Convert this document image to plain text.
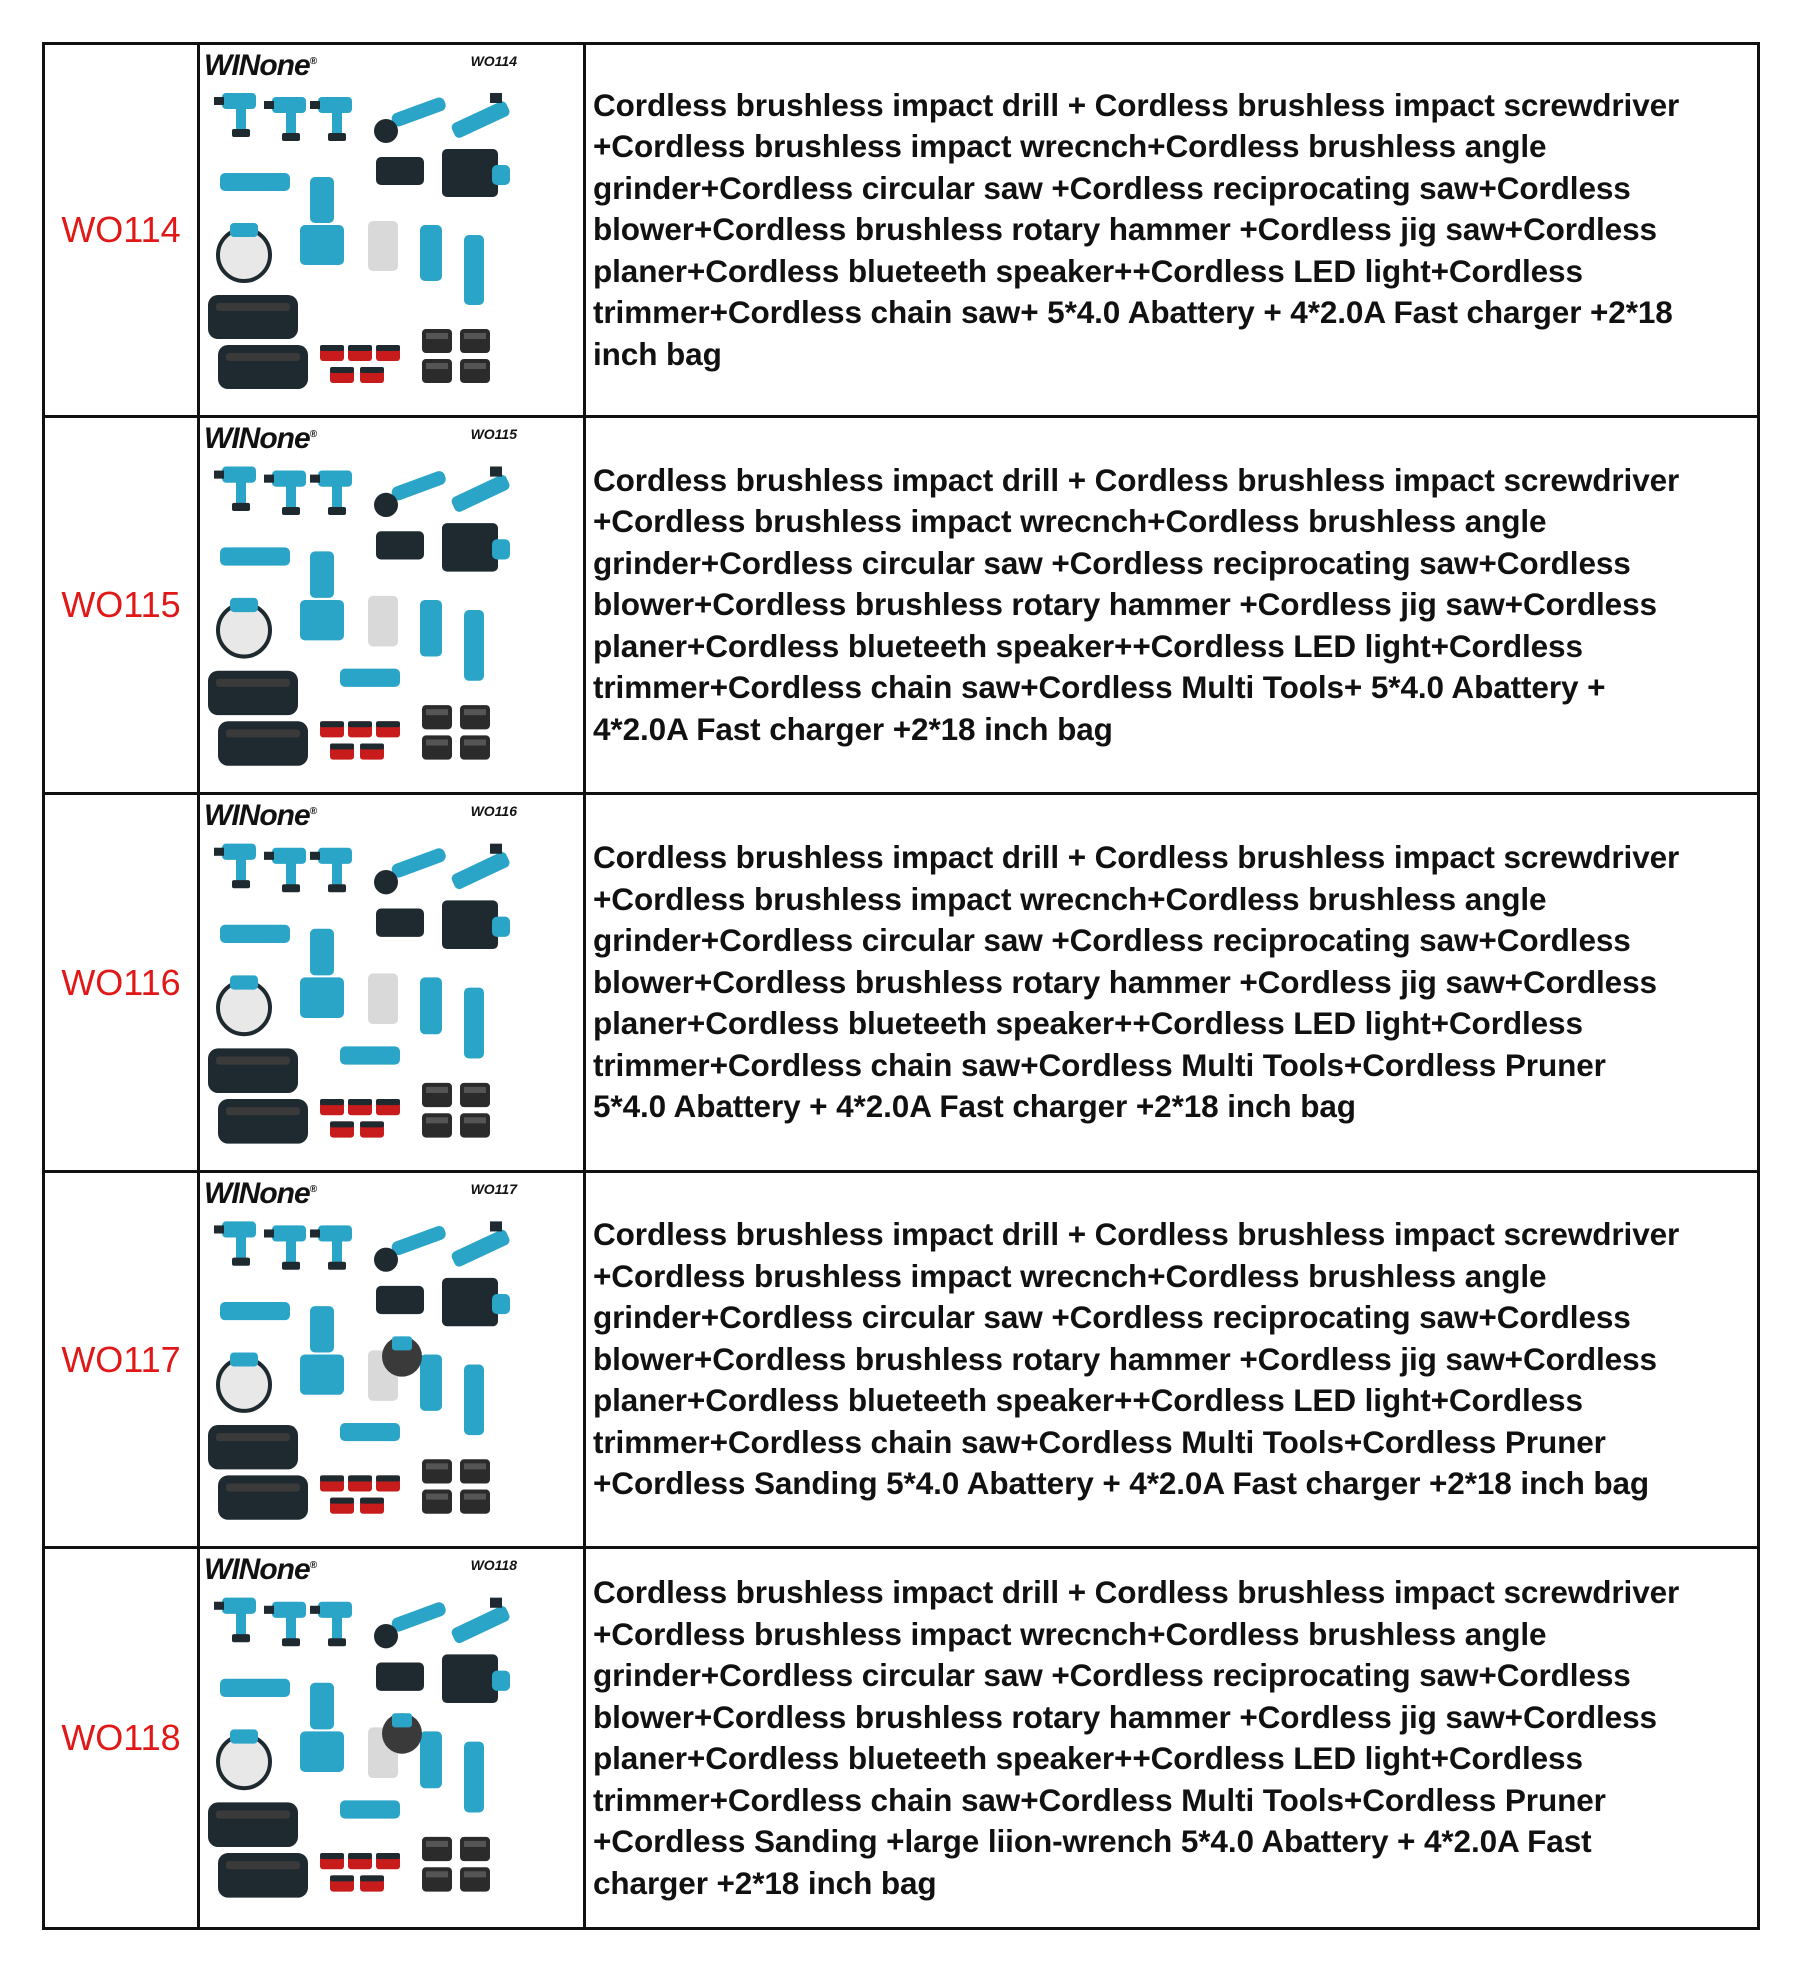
WO114
WINone®	WO114
Cordless brushless impact drill + Cordless brushless impact screwdriver
+Cordless brushless impact wrecnch+Cordless brushless angle
grinder+Cordless circular saw +Cordless reciprocating saw+Cordless
blower+Cordless brushless rotary hammer +Cordless jig saw+Cordless
planer+Cordless blueteeth speaker++Cordless LED light+Cordless
trimmer+Cordless chain saw+ 5*4.0 Abattery + 4*2.0A Fast charger +2*18
inch bag
WO115
WINone®	WO115
Cordless brushless impact drill + Cordless brushless impact screwdriver
+Cordless brushless impact wrecnch+Cordless brushless angle
grinder+Cordless circular saw +Cordless reciprocating saw+Cordless
blower+Cordless brushless rotary hammer +Cordless jig saw+Cordless
planer+Cordless blueteeth speaker++Cordless LED light+Cordless
trimmer+Cordless chain saw+Cordless Multi Tools+ 5*4.0 Abattery +
4*2.0A Fast charger +2*18 inch bag
WO116
WINone®	WO116
Cordless brushless impact drill + Cordless brushless impact screwdriver
+Cordless brushless impact wrecnch+Cordless brushless angle
grinder+Cordless circular saw +Cordless reciprocating saw+Cordless
blower+Cordless brushless rotary hammer +Cordless jig saw+Cordless
planer+Cordless blueteeth speaker++Cordless LED light+Cordless
trimmer+Cordless chain saw+Cordless Multi Tools+Cordless Pruner
5*4.0 Abattery + 4*2.0A Fast charger +2*18 inch bag
WO117
WINone®	WO117
Cordless brushless impact drill + Cordless brushless impact screwdriver
+Cordless brushless impact wrecnch+Cordless brushless angle
grinder+Cordless circular saw +Cordless reciprocating saw+Cordless
blower+Cordless brushless rotary hammer +Cordless jig saw+Cordless
planer+Cordless blueteeth speaker++Cordless LED light+Cordless
trimmer+Cordless chain saw+Cordless Multi Tools+Cordless Pruner
+Cordless Sanding 5*4.0 Abattery + 4*2.0A Fast charger +2*18 inch bag
WO118
WINone®	WO118
Cordless brushless impact drill + Cordless brushless impact screwdriver
+Cordless brushless impact wrecnch+Cordless brushless angle
grinder+Cordless circular saw +Cordless reciprocating saw+Cordless
blower+Cordless brushless rotary hammer +Cordless jig saw+Cordless
planer+Cordless blueteeth speaker++Cordless LED light+Cordless
trimmer+Cordless chain saw+Cordless Multi Tools+Cordless Pruner
+Cordless Sanding +large liion-wrench 5*4.0 Abattery + 4*2.0A Fast
charger +2*18 inch bag
